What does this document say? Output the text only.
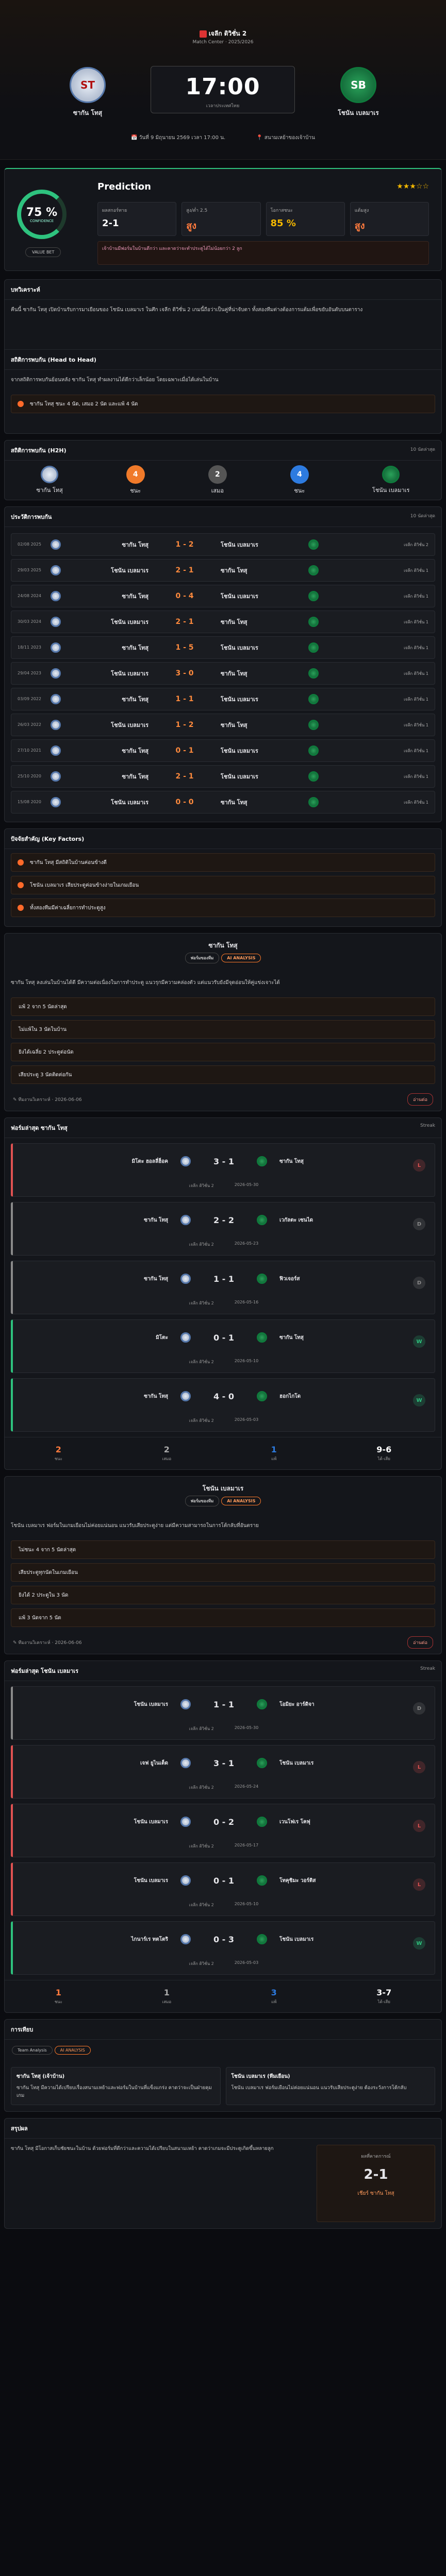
เจลีก ดิวิชั่น 2
Match Center · 2025/2026
ST
ซากัน โทสุ
17:00
เวลาประเทศไทย
SB
โชนัน เบลมาเร
📅 วันที่ 9 มิถุนายน 2569 เวลา 17:00 น.	📍 สนามเหย้าของเจ้าบ้าน
75 %
CONFIDENCE
VALUE BET
Prediction	★★★☆☆
ผลสกอร์ทาย
2-1
สูง/ต่ำ 2.5
สูง
โอกาสชนะ
85 %
แต้มสูง
สูง
เจ้าบ้านมีฟอร์มในบ้านดีกว่า และคาดว่าจะทำประตูได้ไม่น้อยกว่า 2 ลูก
บทวิเคราะห์
คืนนี้ ซากัน โทสุ เปิดบ้านรับการมาเยือนของ โชนัน เบลมาเร ในศึก เจลีก ดิวิชั่น 2 เกมนี้ถือว่าเป็นคู่ที่น่าจับตา ทั้งสองทีมต่างต้องการแต้มเพื่อขยับอันดับบนตาราง
สถิติการพบกัน (Head to Head)
จากสถิติการพบกันย้อนหลัง ซากัน โทสุ ทำผลงานได้ดีกว่าเล็กน้อย โดยเฉพาะเมื่อได้เล่นในบ้าน
ซากัน โทสุ ชนะ 4 นัด, เสมอ 2 นัด และแพ้ 4 นัด
สถิติการพบกัน (H2H)	10 นัดล่าสุด
ซากัน โทสุ
4
ชนะ
2
เสมอ
4
ชนะ	โชนัน เบลมาเร
ประวัติการพบกัน	10 นัดล่าสุด
02/08 2025	ซากัน โทสุ	1 - 2	โชนัน เบลมาเร	เจลีก ดิวิชั่น 2
29/03 2025	โชนัน เบลมาเร	2 - 1	ซากัน โทสุ	เจลีก ดิวิชั่น 1
24/08 2024	ซากัน โทสุ	0 - 4	โชนัน เบลมาเร	เจลีก ดิวิชั่น 1
30/03 2024	โชนัน เบลมาเร	2 - 1	ซากัน โทสุ	เจลีก ดิวิชั่น 1
18/11 2023	ซากัน โทสุ	1 - 5	โชนัน เบลมาเร	เจลีก ดิวิชั่น 1
29/04 2023	โชนัน เบลมาเร	3 - 0	ซากัน โทสุ	เจลีก ดิวิชั่น 1
03/09 2022	ซากัน โทสุ	1 - 1	โชนัน เบลมาเร	เจลีก ดิวิชั่น 1
26/03 2022	โชนัน เบลมาเร	1 - 2	ซากัน โทสุ	เจลีก ดิวิชั่น 1
27/10 2021	ซากัน โทสุ	0 - 1	โชนัน เบลมาเร	เจลีก ดิวิชั่น 1
25/10 2020	ซากัน โทสุ	2 - 1	โชนัน เบลมาเร	เจลีก ดิวิชั่น 1
15/08 2020	โชนัน เบลมาเร	0 - 0	ซากัน โทสุ	เจลีก ดิวิชั่น 1
ปัจจัยสำคัญ (Key Factors)
ซากัน โทสุ มีสถิติในบ้านค่อนข้างดี
โชนัน เบลมาเร เสียประตูค่อนข้างง่ายในเกมเยือน
ทั้งสองทีมมีค่าเฉลี่ยการทำประตูสูง
ซากัน โทสุ
ฟอร์มของทีม	AI ANALYSIS
ซากัน โทสุ ลงเล่นในบ้านได้ดี มีความต่อเนื่องในการทำประตู แนวรุกมีความคล่องตัว แต่แนวรับยังมีจุดอ่อนให้คู่แข่งเจาะได้
แพ้ 2 จาก 5 นัดล่าสุด
ไม่แพ้ใน 3 นัดในบ้าน
ยิงได้เฉลี่ย 2 ประตูต่อนัด
เสียประตู 3 นัดติดต่อกัน
✎ ทีมงานวิเคราะห์ · 2026-06-06	อ่านต่อ
ฟอร์มล่าสุด ซากัน โทสุ	Streak
มิโตะ ฮอลลี่ฮ็อค	3 - 1	ซากัน โทสุ
L
เจลีก ดิวิชั่น 2	2026-05-30
ซากัน โทสุ	2 - 2	เวกัลตะ เซนได
D
เจลีก ดิวิชั่น 2	2026-05-23
ซากัน โทสุ	1 - 1	ฟิวเจอร์ส
D
เจลีก ดิวิชั่น 2	2026-05-16
มิโตะ	0 - 1	ซากัน โทสุ
W
เจลีก ดิวิชั่น 2	2026-05-10
ซากัน โทสุ	4 - 0	ฮอกไกโด
W
เจลีก ดิวิชั่น 2	2026-05-03
2
ชนะ
2
เสมอ
1
แพ้
9-6
ได้-เสีย
โชนัน เบลมาเร
ฟอร์มของทีม	AI ANALYSIS
โชนัน เบลมาเร ฟอร์มในเกมเยือนไม่ค่อยแน่นอน แนวรับเสียประตูง่าย แต่มีความสามารถในการโต้กลับที่อันตราย
ไม่ชนะ 4 จาก 5 นัดล่าสุด
เสียประตูทุกนัดในเกมเยือน
ยิงได้ 2 ประตูใน 3 นัด
แพ้ 3 นัดจาก 5 นัด
✎ ทีมงานวิเคราะห์ · 2026-06-06	อ่านต่อ
ฟอร์มล่าสุด โชนัน เบลมาเร	Streak
โชนัน เบลมาเร	1 - 1	โอมิยะ อาร์ดิจา
D
เจลีก ดิวิชั่น 2	2026-05-30
เจฟ ยูไนเต็ด	3 - 1	โชนัน เบลมาเร
L
เจลีก ดิวิชั่น 2	2026-05-24
โชนัน เบลมาเร	0 - 2	เวนโฟเร โคฟุ
L
เจลีก ดิวิชั่น 2	2026-05-17
โชนัน เบลมาเร	0 - 1	โทคุชิมะ วอร์ติส
L
เจลีก ดิวิชั่น 2	2026-05-10
ไกนาร์เร ทตโตริ	0 - 3	โชนัน เบลมาเร
W
เจลีก ดิวิชั่น 2	2026-05-03
1
ชนะ
1
เสมอ
3
แพ้
3-7
ได้-เสีย
การเทียบ
Team Analysis	AI ANALYSIS
ซากัน โทสุ (เจ้าบ้าน)
ซากัน โทสุ มีความได้เปรียบเรื่องสนามเหย้าและฟอร์มในบ้านที่แข็งแกร่ง คาดว่าจะเป็นฝ่ายคุมเกม
โชนัน เบลมาเร (ทีมเยือน)
โชนัน เบลมาเร ฟอร์มเยือนไม่ค่อยแน่นอน แนวรับเสียประตูง่าย ต้องระวังการโต้กลับ
สรุปผล
ซากัน โทสุ มีโอกาสเก็บชัยชนะในบ้าน ด้วยฟอร์มที่ดีกว่าและความได้เปรียบในสนามเหย้า คาดว่าเกมจะมีประตูเกิดขึ้นหลายลูก
ผลที่คาดการณ์
2-1
เชียร์ ซากัน โทสุ
